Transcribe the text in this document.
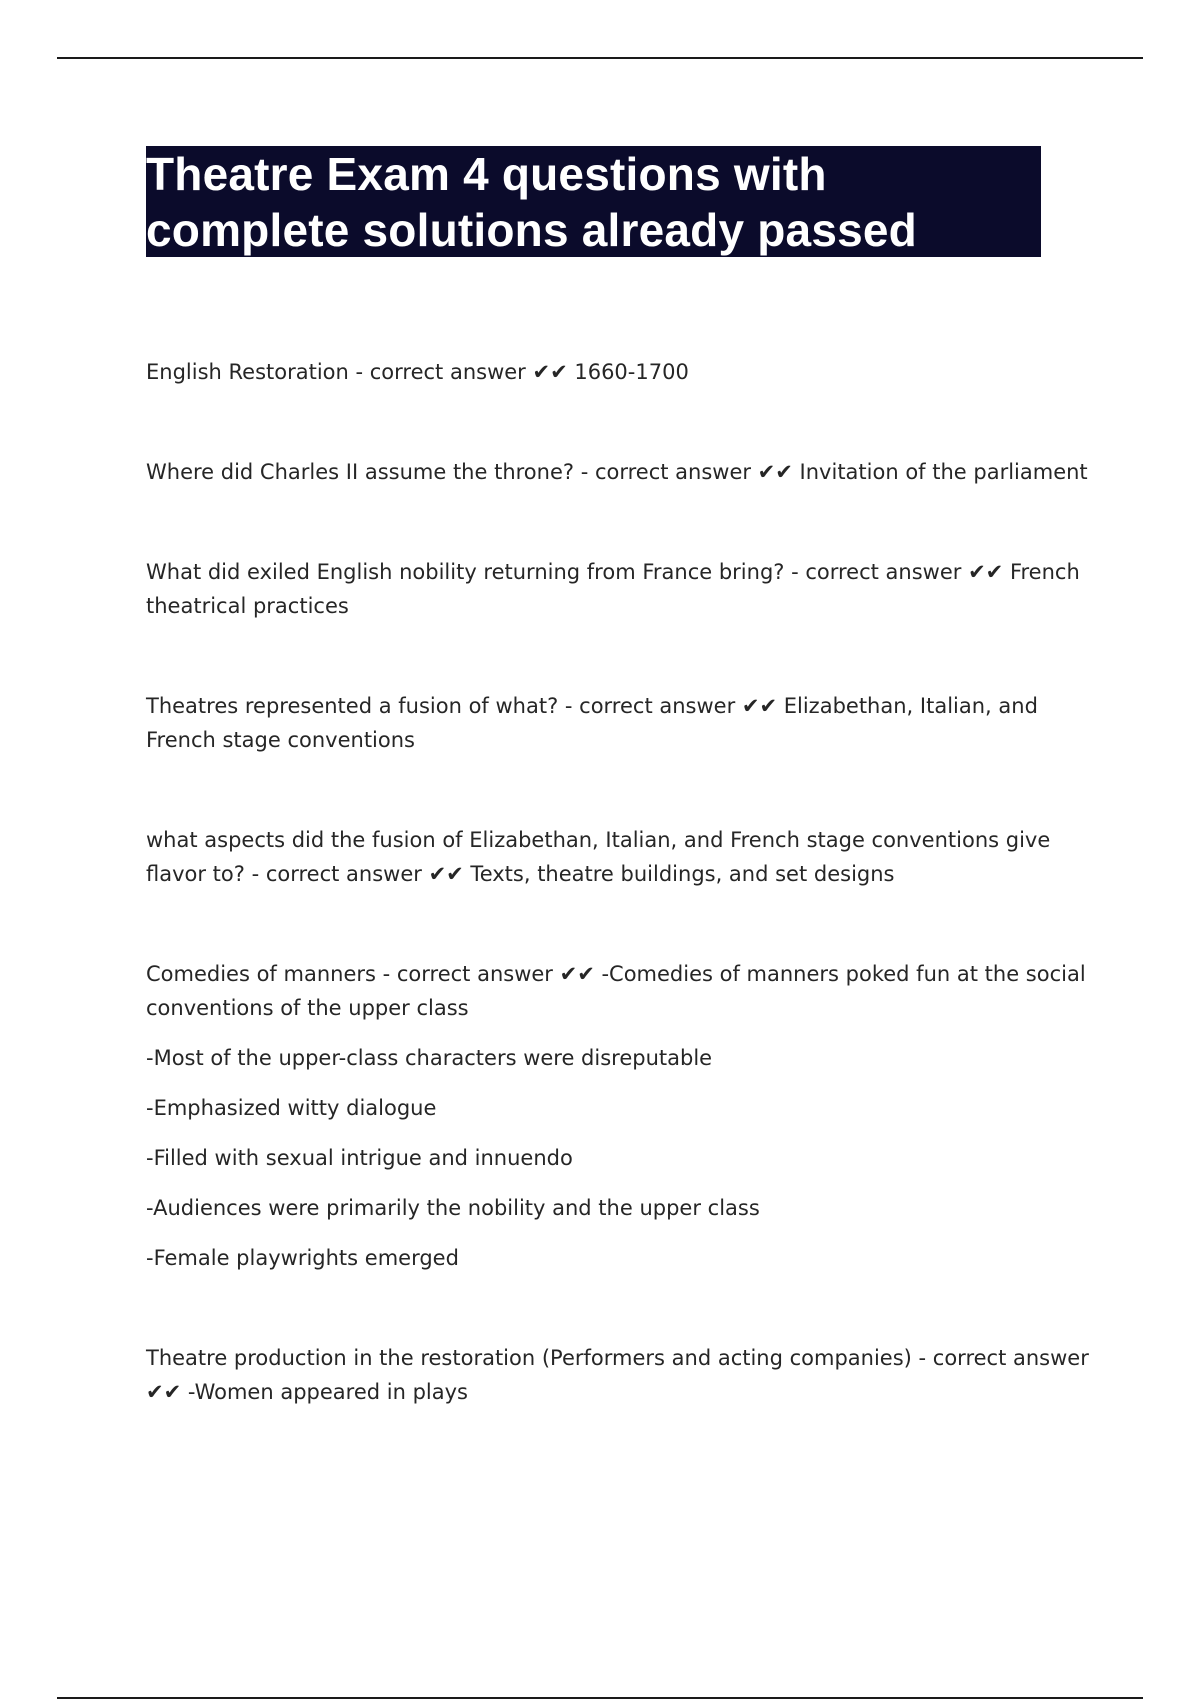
Theatre Exam 4 questions with
complete solutions already passed

English Restoration - correct answer ✔✔ 1660-1700

Where did Charles II assume the throne? - correct answer ✔✔ Invitation of the parliament

What did exiled English nobility returning from France bring? - correct answer ✔✔ French theatrical practices

Theatres represented a fusion of what? - correct answer ✔✔ Elizabethan, Italian, and French stage conventions

what aspects did the fusion of Elizabethan, Italian, and French stage conventions give flavor to? - correct answer ✔✔ Texts, theatre buildings, and set designs

Comedies of manners - correct answer ✔✔ -Comedies of manners poked fun at the social conventions of the upper class

-Most of the upper-class characters were disreputable

-Emphasized witty dialogue

-Filled with sexual intrigue and innuendo

-Audiences were primarily the nobility and the upper class

-Female playwrights emerged

Theatre production in the restoration (Performers and acting companies) - correct answer ✔✔ -Women appeared in plays
